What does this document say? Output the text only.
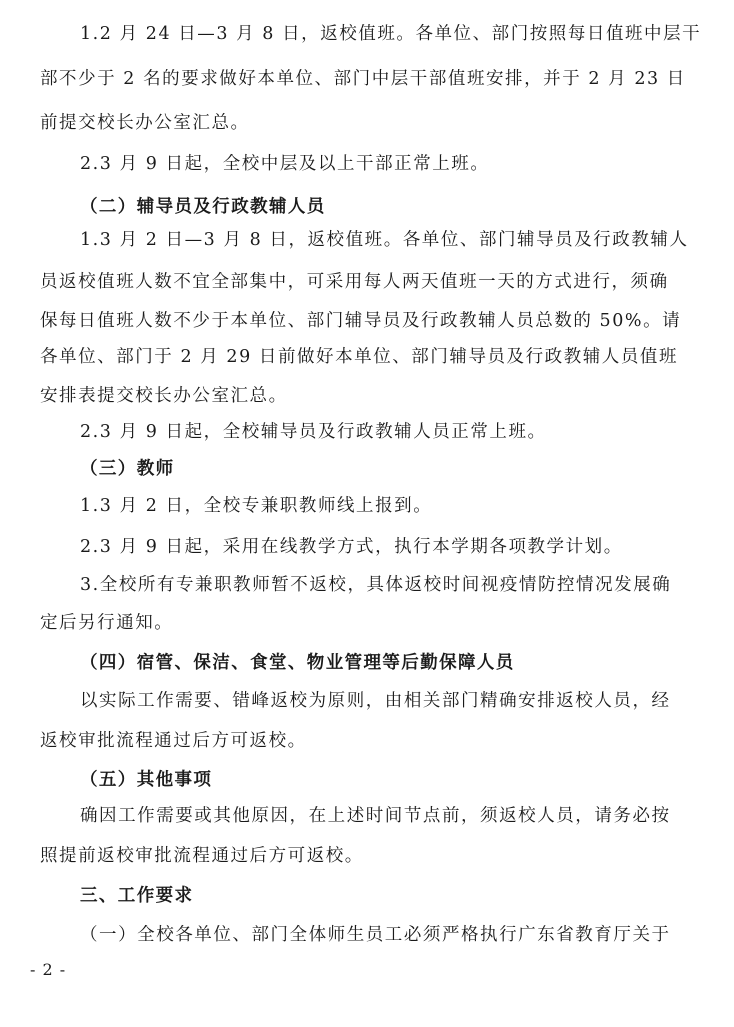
1.2 月 24 日—3 月 8 日，返校值班。各单位、部门按照每日值班中层干
部不少于 2 名的要求做好本单位、部门中层干部值班安排，并于 2 月 23 日
前提交校长办公室汇总。
2.3 月 9 日起，全校中层及以上干部正常上班。
（二）辅导员及行政教辅人员
1.3 月 2 日—3 月 8 日，返校值班。各单位、部门辅导员及行政教辅人
员返校值班人数不宜全部集中，可采用每人两天值班一天的方式进行，须确
保每日值班人数不少于本单位、部门辅导员及行政教辅人员总数的 50%。请
各单位、部门于 2 月 29 日前做好本单位、部门辅导员及行政教辅人员值班
安排表提交校长办公室汇总。
2.3 月 9 日起，全校辅导员及行政教辅人员正常上班。
（三）教师
1.3 月 2 日，全校专兼职教师线上报到。
2.3 月 9 日起，采用在线教学方式，执行本学期各项教学计划。
3.全校所有专兼职教师暂不返校，具体返校时间视疫情防控情况发展确
定后另行通知。
（四）宿管、保洁、食堂、物业管理等后勤保障人员
以实际工作需要、错峰返校为原则，由相关部门精确安排返校人员，经
返校审批流程通过后方可返校。
（五）其他事项
确因工作需要或其他原因，在上述时间节点前，须返校人员，请务必按
照提前返校审批流程通过后方可返校。
三、工作要求
（一）全校各单位、部门全体师生员工必须严格执行广东省教育厅关于
- 2 -
